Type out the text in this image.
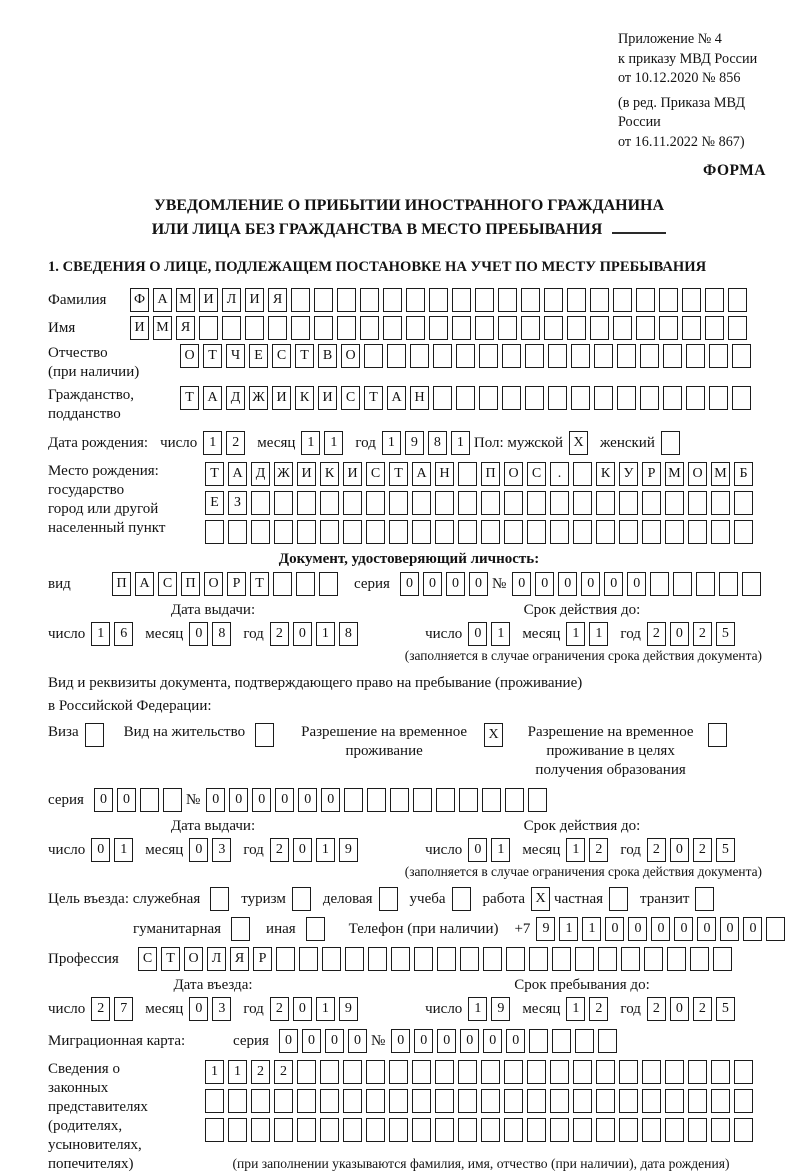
Приложение № 4
к приказу МВД России
от 10.12.2020 № 856
(в ред. Приказа МВД России
от 16.11.2022 № 867)
ФОРМА
УВЕДОМЛЕНИЕ О ПРИБЫТИИ ИНОСТРАННОГО ГРАЖДАНИНА
ИЛИ ЛИЦА БЕЗ ГРАЖДАНСТВА В МЕСТО ПРЕБЫВАНИЯ
1. СВЕДЕНИЯ О ЛИЦЕ, ПОДЛЕЖАЩЕМ ПОСТАНОВКЕ НА УЧЕТ ПО МЕСТУ ПРЕБЫВАНИЯ
Фамилия	Ф А М И Л И Я
Имя	И М Я
Отчество
(при наличии)
О Т	Ч	Е	С	Т	В О
Гражданство,
подданство
Т А Д Ж И К И С	Т А Н
Дата рождения: число 1	2	месяц 1	1	год 1	9	8	1 Пол: мужской X женский
Место рождения:
государство
город или другой
населенный пункт
Т А Д Ж И К И С	Т А Н	П О С	.	К У	Р М О М Б
Е	З
Документ, удостоверяющий личность:
вид	П А С П О	Р	Т	серия	0	0	0	0 № 0	0	0	0	0	0
Дата выдачи:
число 1	6	месяц 0	8	год 2	0	1	8
Срок действия до:
число 0	1	месяц 1	1	год 2	0	2	5
(заполняется в случае ограничения срока действия документа)
Вид и реквизиты документа, подтверждающего право на пребывание (проживание)
в Российской Федерации:
Виза	Вид на жительство	Разрешение на временное
проживание
X	Разрешение на временное
проживание в целях
получения образования
серия	0	0	№ 0	0	0	0	0	0
Дата выдачи:
число 0	1	месяц 0	3	год 2	0	1	9
Срок действия до:
число 0	1	месяц 1	2	год 2	0	2	5
(заполняется в случае ограничения срока действия документа)
Цель въезда: служебная	туризм деловая учеба работа X частная транзит
гуманитарная	иная	Телефон (при наличии) +7 9	1	1	0	0	0	0	0	0	0
Профессия	С	Т О Л Я	Р
Дата въезда:
число 2	7	месяц 0	3	год 2	0	1	9
Срок пребывания до:
число 1	9	месяц 1	2	год 2	0	2	5
Миграционная карта:	серия	0	0	0	0 № 0	0	0	0	0	0
Сведения о
законных
представителях
(родителях,
усыновителях,
попечителях)
1	1	2	2
(при заполнении указываются фамилия, имя, отчество (при наличии), дата рождения)
